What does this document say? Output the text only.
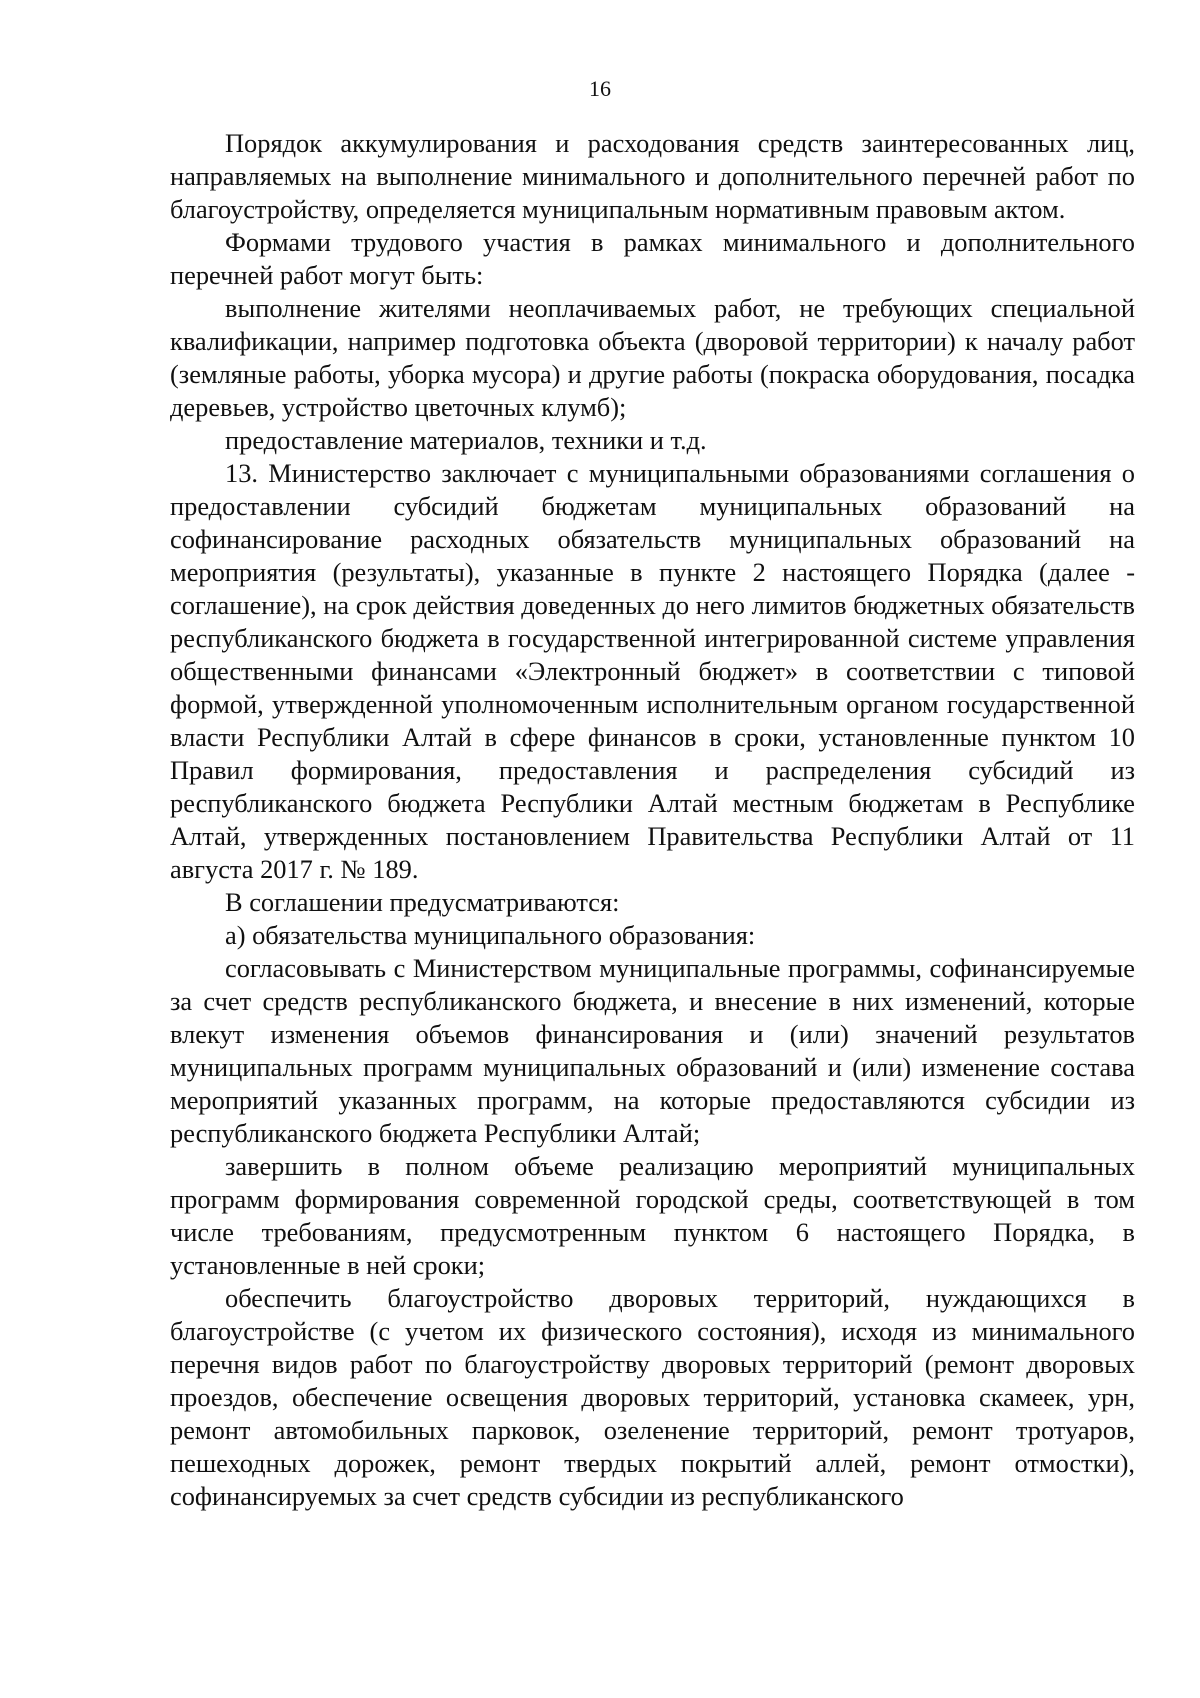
16

Порядок аккумулирования и расходования средств заинтересованных лиц, направляемых на выполнение минимального и дополнительного перечней работ по благоустройству, определяется муниципальным нормативным правовым актом.

Формами трудового участия в рамках минимального и дополнительного перечней работ могут быть:

выполнение жителями неоплачиваемых работ, не требующих специальной квалификации, например подготовка объекта (дворовой территории) к началу работ (земляные работы, уборка мусора) и другие работы (покраска оборудования, посадка деревьев, устройство цветочных клумб);

предоставление материалов, техники и т.д.

13. Министерство заключает с муниципальными образованиями соглашения о предоставлении субсидий бюджетам муниципальных образований на софинансирование расходных обязательств муниципальных образований на мероприятия (результаты), указанные в пункте 2 настоящего Порядка (далее - соглашение), на срок действия доведенных до него лимитов бюджетных обязательств республиканского бюджета в государственной интегрированной системе управления общественными финансами «Электронный бюджет» в соответствии с типовой формой, утвержденной уполномоченным исполнительным органом государственной власти Республики Алтай в сфере финансов в сроки, установленные пунктом 10 Правил формирования, предоставления и распределения субсидий из республиканского бюджета Республики Алтай местным бюджетам в Республике Алтай, утвержденных постановлением Правительства Республики Алтай от 11 августа 2017 г. № 189.

В соглашении предусматриваются:

а) обязательства муниципального образования:

согласовывать с Министерством муниципальные программы, софинансируемые за счет средств республиканского бюджета, и внесение в них изменений, которые влекут изменения объемов финансирования и (или) значений результатов муниципальных программ муниципальных образований и (или) изменение состава мероприятий указанных программ, на которые предоставляются субсидии из республиканского бюджета Республики Алтай;

завершить в полном объеме реализацию мероприятий муниципальных программ формирования современной городской среды, соответствующей в том числе требованиям, предусмотренным пунктом 6 настоящего Порядка, в установленные в ней сроки;

обеспечить благоустройство дворовых территорий, нуждающихся в благоустройстве (с учетом их физического состояния), исходя из минимального перечня видов работ по благоустройству дворовых территорий (ремонт дворовых проездов, обеспечение освещения дворовых территорий, установка скамеек, урн, ремонт автомобильных парковок, озеленение территорий, ремонт тротуаров, пешеходных дорожек, ремонт твердых покрытий аллей, ремонт отмостки), софинансируемых за счет средств субсидии из республиканского
